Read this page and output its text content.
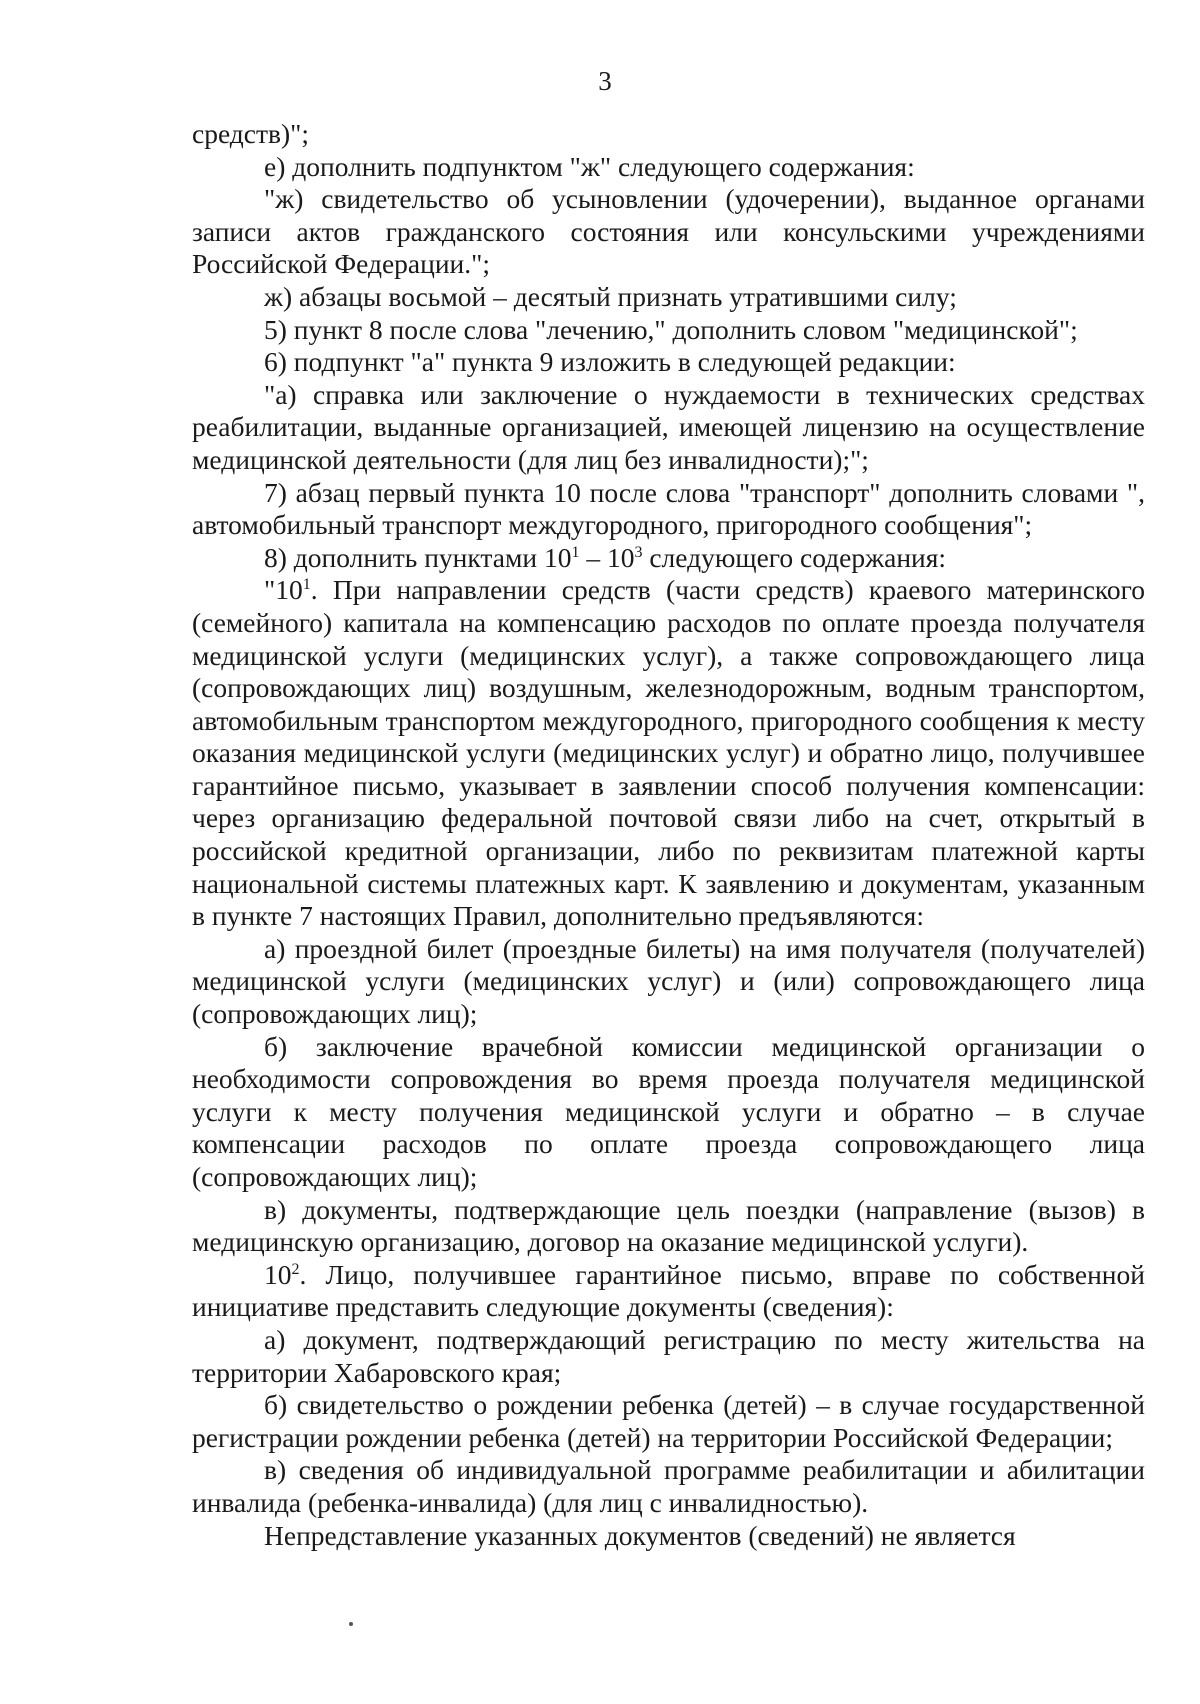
3

средств)";

е) дополнить подпунктом "ж" следующего содержания:

"ж) свидетельство об усыновлении (удочерении), выданное органами записи актов гражданского состояния или консульскими учреждениями Российской Федерации.";

ж) абзацы восьмой – десятый признать утратившими силу;

5) пункт 8 после слова "лечению," дополнить словом "медицинской";

6) подпункт "а" пункта 9 изложить в следующей редакции:

"а) справка или заключение о нуждаемости в технических средствах реабилитации, выданные организацией, имеющей лицензию на осуществление медицинской деятельности (для лиц без инвалидности);";

7) абзац первый пункта 10 после слова "транспорт" дополнить словами ", автомобильный транспорт междугородного, пригородного сообщения";

8) дополнить пунктами $10^1 - 10^3$ следующего содержания:

"$10^1$. При направлении средств (части средств) краевого материнского (семейного) капитала на компенсацию расходов по оплате проезда получателя медицинской услуги (медицинских услуг), а также сопровождающего лица (сопровождающих лиц) воздушным, железнодорожным, водным транспортом, автомобильным транспортом междугородного, пригородного сообщения к месту оказания медицинской услуги (медицинских услуг) и обратно лицо, получившее гарантийное письмо, указывает в заявлении способ получения компенсации: через организацию федеральной почтовой связи либо на счет, открытый в российской кредитной организации, либо по реквизитам платежной карты национальной системы платежных карт. К заявлению и документам, указанным в пункте 7 настоящих Правил, дополнительно предъявляются:

а) проездной билет (проездные билеты) на имя получателя (получателей) медицинской услуги (медицинских услуг) и (или) сопровождающего лица (сопровождающих лиц);

б) заключение врачебной комиссии медицинской организации о необходимости сопровождения во время проезда получателя медицинской услуги к месту получения медицинской услуги и обратно – в случае компенсации расходов по оплате проезда сопровождающего лица (сопровождающих лиц);

в) документы, подтверждающие цель поездки (направление (вызов) в медицинскую организацию, договор на оказание медицинской услуги).

$10^2$. Лицо, получившее гарантийное письмо, вправе по собственной инициативе представить следующие документы (сведения):

а) документ, подтверждающий регистрацию по месту жительства на территории Хабаровского края;

б) свидетельство о рождении ребенка (детей) – в случае государственной регистрации рождении ребенка (детей) на территории Российской Федерации;

в) сведения об индивидуальной программе реабилитации и абилитации инвалида (ребенка-инвалида) (для лиц с инвалидностью).

Непредставление указанных документов (сведений) не является
